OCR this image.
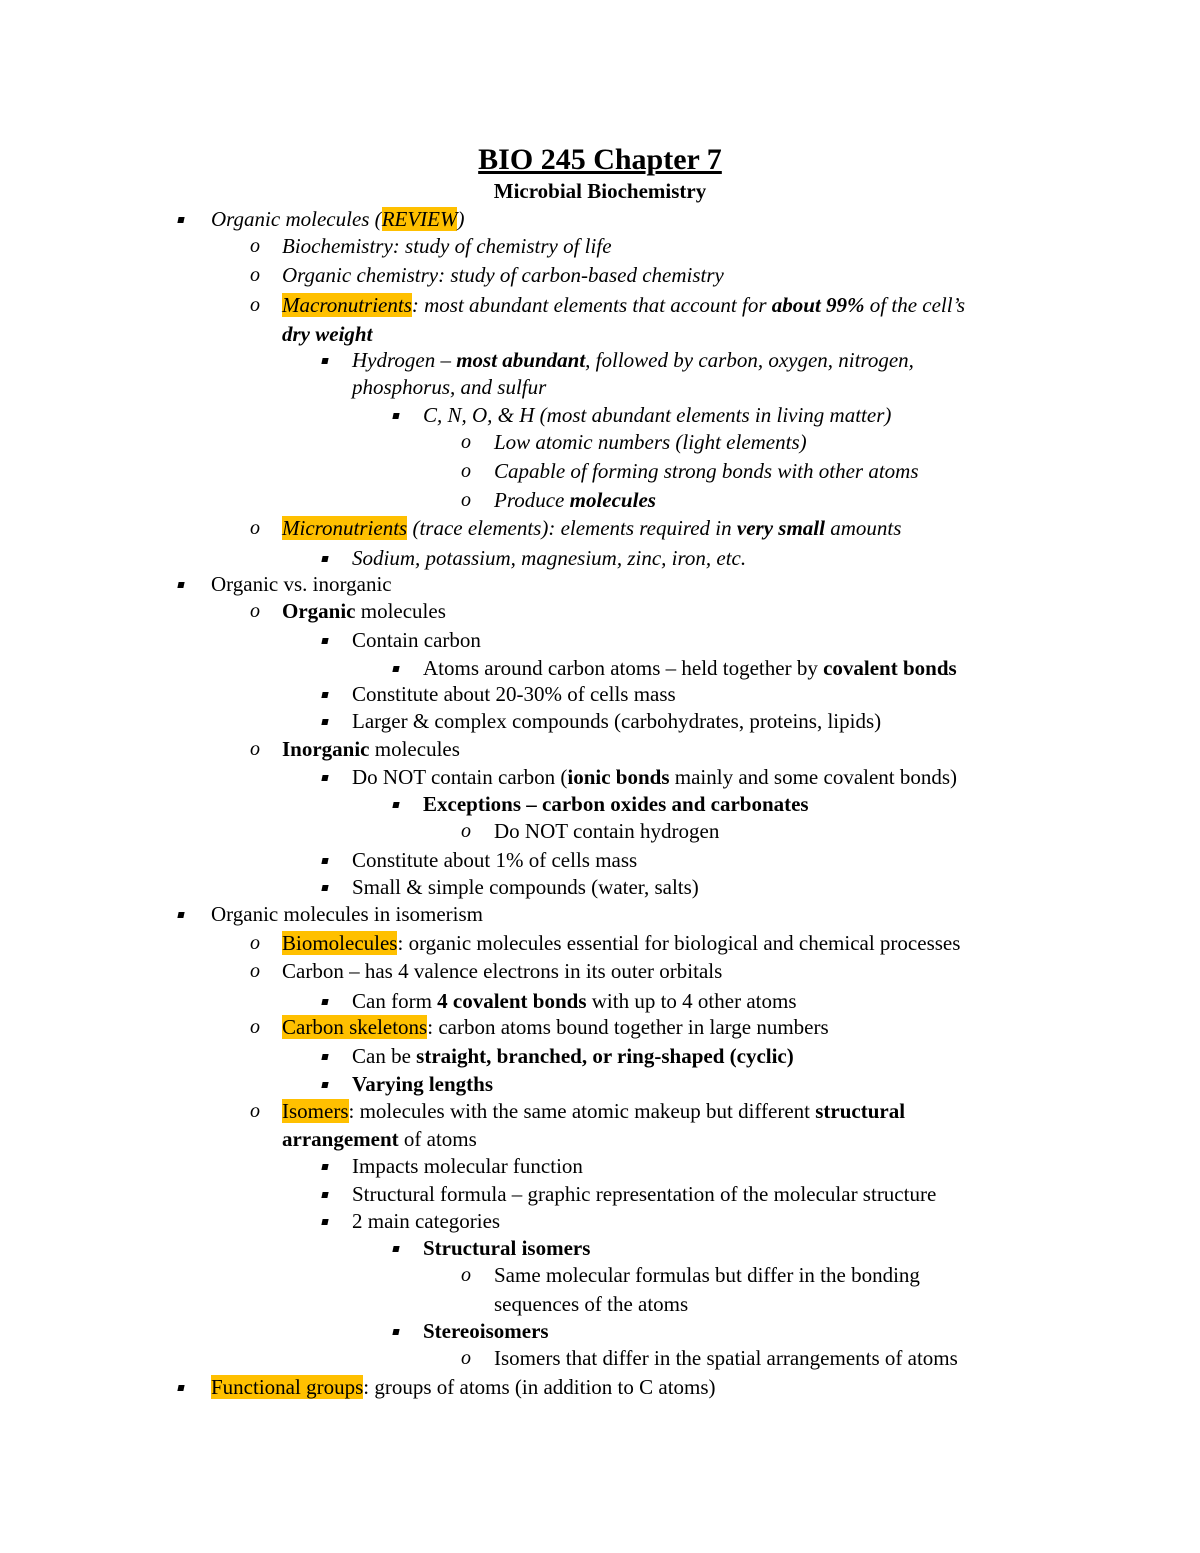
BIO 245 Chapter 7
Microbial Biochemistry
Organic molecules (REVIEW)
o Biochemistry: study of chemistry of life
o Organic chemistry: study of carbon-based chemistry
o Macronutrients: most abundant elements that account for about 99% of the cell’s
dry weight
Hydrogen – most abundant, followed by carbon, oxygen, nitrogen,
phosphorus, and sulfur
C, N, O, & H (most abundant elements in living matter)
o Low atomic numbers (light elements)
o Capable of forming strong bonds with other atoms
o Produce molecules
o Micronutrients (trace elements): elements required in very small amounts
Sodium, potassium, magnesium, zinc, iron, etc.
Organic vs. inorganic
o Organic molecules
Contain carbon
Atoms around carbon atoms – held together by covalent bonds
Constitute about 20-30% of cells mass
Larger & complex compounds (carbohydrates, proteins, lipids)
o Inorganic molecules
Do NOT contain carbon (ionic bonds mainly and some covalent bonds)
Exceptions – carbon oxides and carbonates
o Do NOT contain hydrogen
Constitute about 1% of cells mass
Small & simple compounds (water, salts)
Organic molecules in isomerism
o Biomolecules: organic molecules essential for biological and chemical processes
o Carbon – has 4 valence electrons in its outer orbitals
Can form 4 covalent bonds with up to 4 other atoms
o Carbon skeletons: carbon atoms bound together in large numbers
Can be straight, branched, or ring-shaped (cyclic)
Varying lengths
o Isomers: molecules with the same atomic makeup but different structural
arrangement of atoms
Impacts molecular function
Structural formula – graphic representation of the molecular structure
2 main categories
Structural isomers
o Same molecular formulas but differ in the bonding
sequences of the atoms
Stereoisomers
o Isomers that differ in the spatial arrangements of atoms
Functional groups: groups of atoms (in addition to C atoms)
